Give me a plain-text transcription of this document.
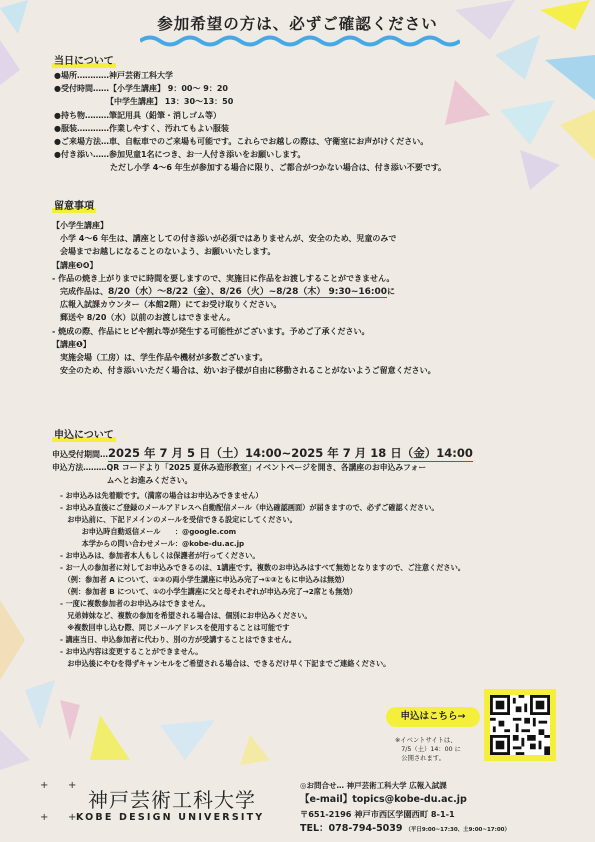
参加希望の方は、必ずご確認ください
当日について
●場所…………神戸芸術工科大学
●受付時間……【小学生講座】 9：00～ 9：20
　　　　　　　【中学生講座】 13：30～13：50
●持ち物………筆記用具（鉛筆・消しゴム等）
●服装…………作業しやすく、汚れてもよい服装
●ご来場方法…車、自転車でのご来場も可能です。これらでお越しの際は、守衛室にお声がけください。
●付き添い……参加児童1名につき、お一人付き添いをお願いします。
　　　　　　　ただし小学 4～6 年生が参加する場合に限り、ご都合がつかない場合は、付き添い不要です。
留意事項
【小学生講座】
　小学 4～6 年生は、講座としての付き添いが必須ではありませんが、安全のため、児童のみで
　会場までお越しになることのないよう、お願いいたします。
【講座❸❹】
- 作品の焼き上がりまでに時間を要しますので、実施日に作品をお渡しすることができません。
　完成作品は、8/20（水）～8/22（金）、8/26（火）~8/28（木） 9:30~16:00に
　広報入試課カウンター（本館2階）にてお受け取りください。
　郵送や 8/20（水）以前のお渡しはできません。
- 焼成の際、作品にヒビや割れ等が発生する可能性がございます。予めご了承ください。
【講座❶】
　実施会場（工房）は、学生作品や機材が多数ございます。
　安全のため、付き添いいただく場合は、幼いお子様が自由に移動されることがないようご留意ください。
申込について
申込受付期間…2025 年 7 月 5 日（土）14:00~2025 年 7 月 18 日（金）14:00
申込方法………QR コードより「2025 夏休み造形教室」イベントページを開き、各講座のお申込みフォー
　　　　　　　ムへとお進みください。
- お申込みは先着順です。（満席の場合はお申込みできません）
- お申込み直後にご登録のメールアドレスへ自動配信メール（申込確認画面）が届きますので、必ずご確認ください。
　お申込前に、下記ドメインのメールを受信できる設定にしてください。
　　　お申込時自動返信メール　　：@google.com
　　　本学からの問い合わせメール：@kobe-du.ac.jp
- お申込みは、参加者本人もしくは保護者が行ってください。
- お一人の参加者に対してお申込みできるのは、1講座です。複数のお申込みはすべて無効となりますので、ご注意ください。
　（例：参加者 A について、①③の両小学生講座に申込み完了→①③ともに申込みは無効）
　（例：参加者 B について、①の小学生講座に父と母それぞれが申込み完了→2席とも無効）
- 一度に複数参加者のお申込みはできません。
　兄弟姉妹など、複数の参加を希望される場合は、個別にお申込みください。
　※複数回申し込む際、同じメールアドレスを使用することは可能です
- 講座当日、申込参加者に代わり、別の方が受講することはできません。
- お申込内容は変更することができません。
　お申込後にやむを得ずキャンセルをご希望される場合は、できるだけ早く下記までご連絡ください。
申込はこちら→
※イベントサイトは、
　7/5（土）14：00 に
　公開されます。
+ +
+ +
神戸芸術工科大学
KOBE DESIGN UNIVERSITY
◎お問合せ… 神戸芸術工科大学 広報入試課
【e-mail】topics@kobe-du.ac.jp
〒651-2196 神戸市西区学園西町 8-1-1
TEL：078-794-5039 （平日9:00~17:30、土9:00~17:00）
